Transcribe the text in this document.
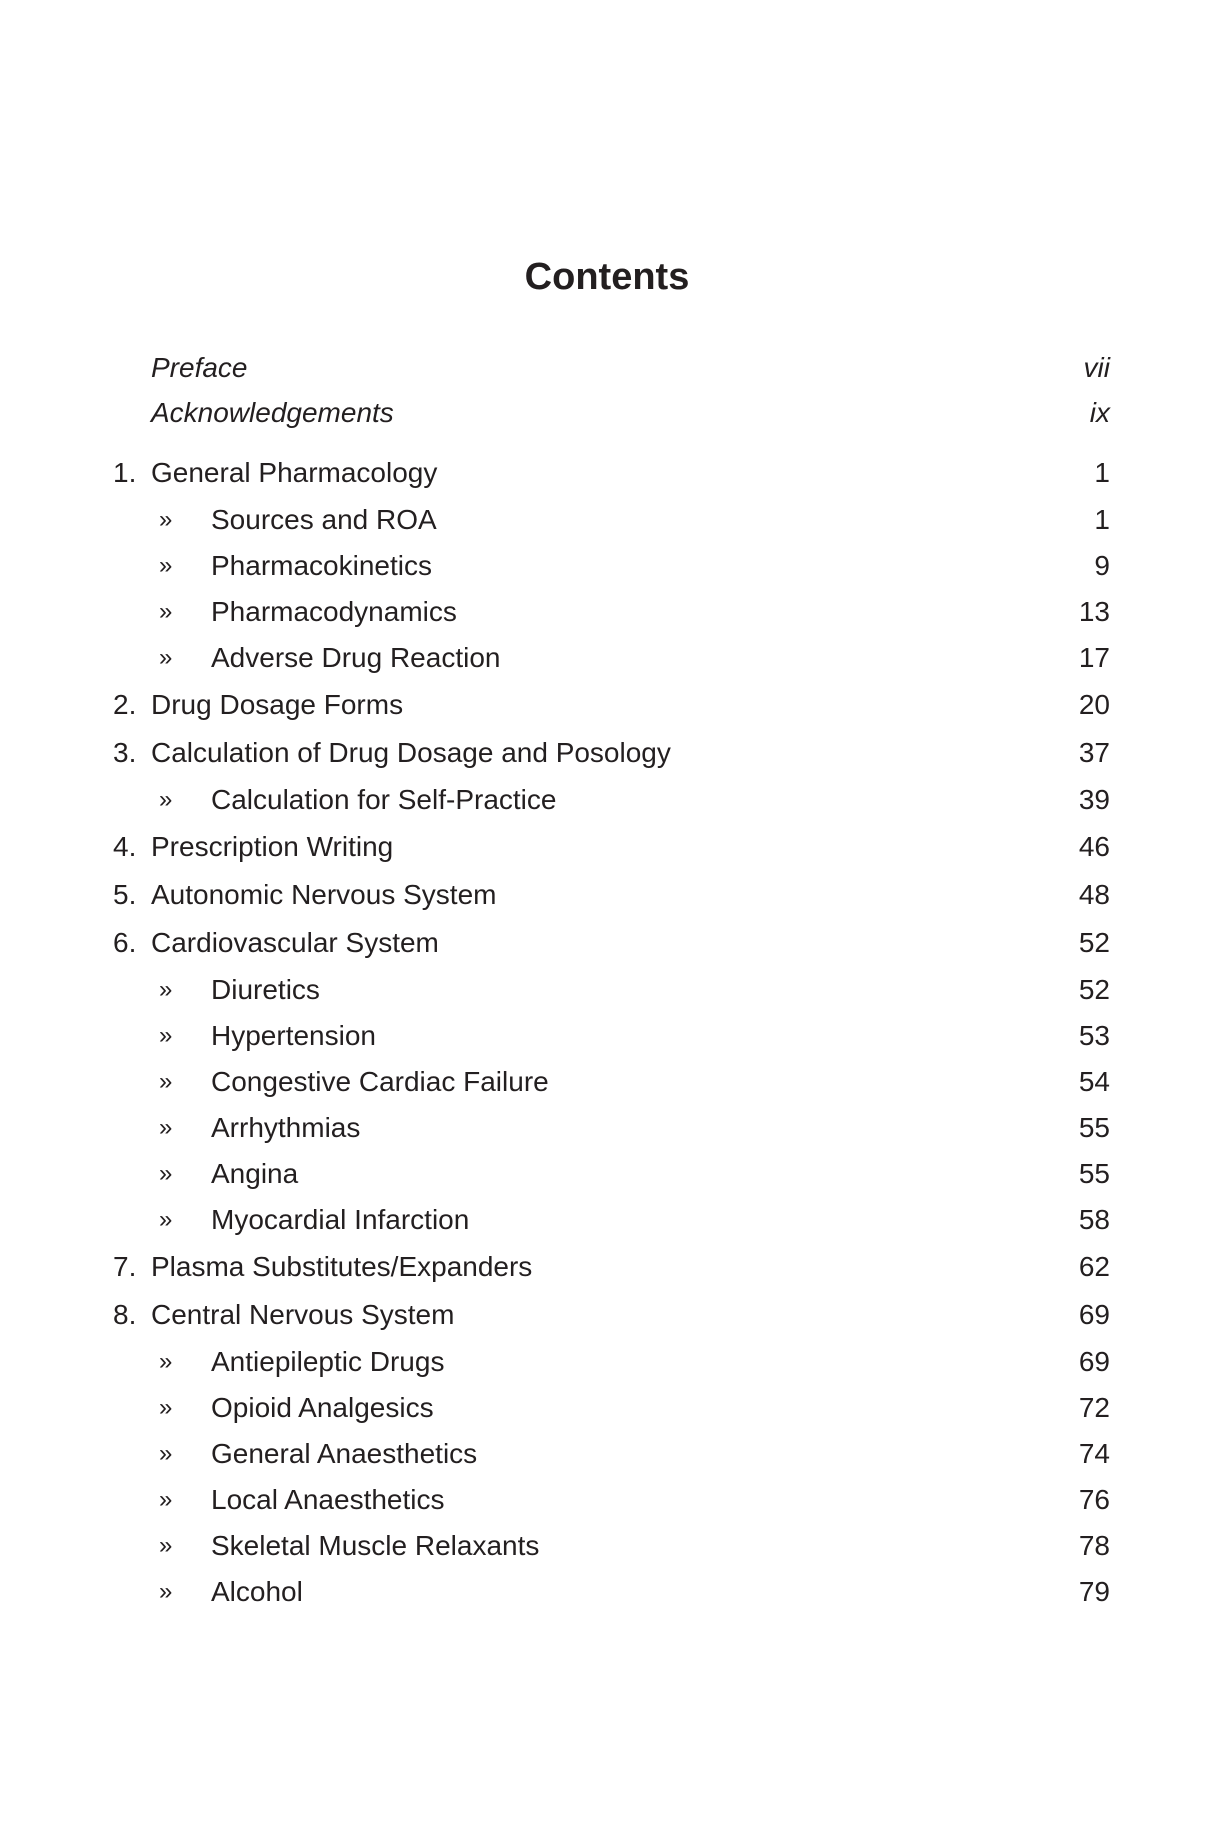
Contents
Preface	vii
Acknowledgements	ix
1. General Pharmacology	1
» Sources and ROA	1
» Pharmacokinetics	9
» Pharmacodynamics	13
» Adverse Drug Reaction	17
2. Drug Dosage Forms	20
3. Calculation of Drug Dosage and Posology	37
» Calculation for Self-Practice	39
4. Prescription Writing	46
5. Autonomic Nervous System	48
6. Cardiovascular System	52
» Diuretics	52
» Hypertension	53
» Congestive Cardiac Failure	54
» Arrhythmias	55
» Angina	55
» Myocardial Infarction	58
7. Plasma Substitutes/Expanders	62
8. Central Nervous System	69
» Antiepileptic Drugs	69
» Opioid Analgesics	72
» General Anaesthetics	74
» Local Anaesthetics	76
» Skeletal Muscle Relaxants	78
» Alcohol	79
